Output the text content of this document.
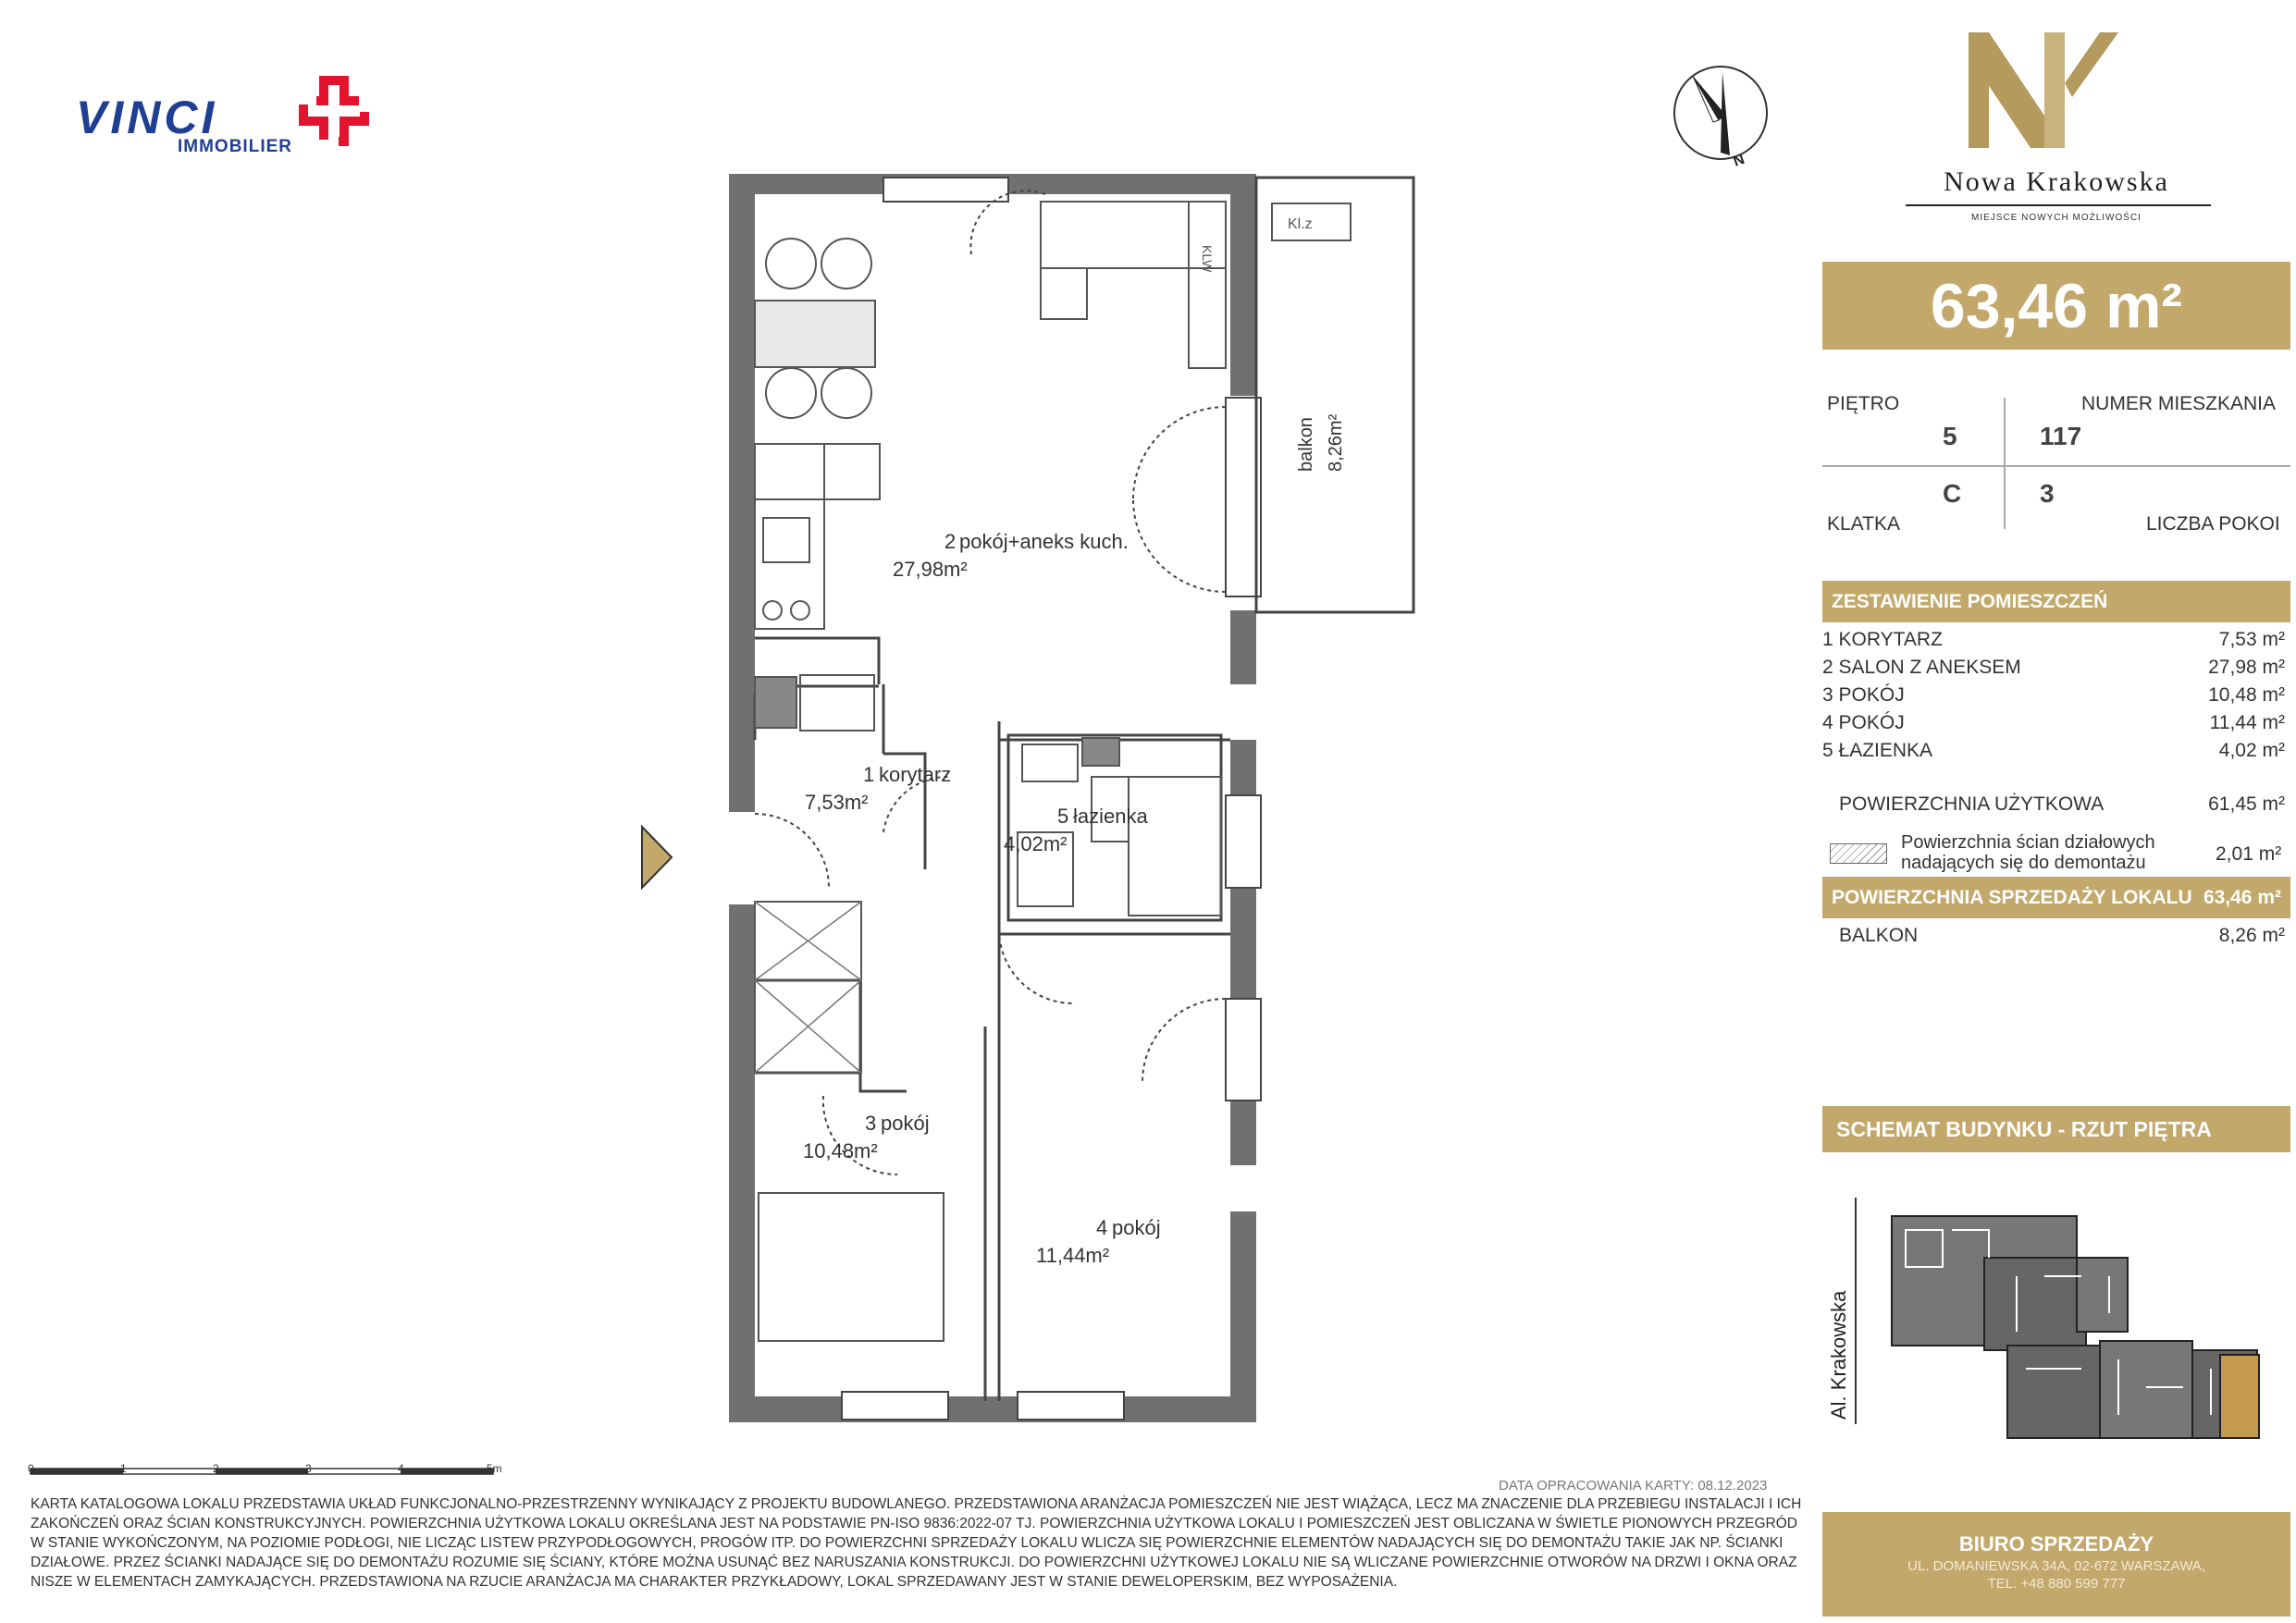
VINCI
IMMOBILIER
N
Nowa Krakowska
MIEJSCE NOWYCH MOŻLIWOŚCI
63,46 m²
PIĘTRO	NUMER MIESZKANIA
5	117
C	3
KLATKA	LICZBA POKOI
ZESTAWIENIE POMIESZCZEŃ
1 KORYTARZ	7,53 m²
2 SALON Z ANEKSEM	27,98 m²
3 POKÓJ	10,48 m²
4 POKÓJ	11,44 m²
5 ŁAZIENKA	4,02 m²
POWIERZCHNIA UŻYTKOWA	61,45 m²
Powierzchnia ścian działowych
nadających się do demontażu	2,01 m²
POWIERZCHNIA SPRZEDAŻY LOKALU 63,46 m²
BALKON	8,26 m²
SCHEMAT BUDYNKU - RZUT PIĘTRA
Al. Krakowska
Kl.z
balkon 8,26m²
KLW
2 pokój+aneks kuch.
27,98m²
1 korytarz
7,53m²
5 łazienka
4,02m²
3 pokój
10,48m²
4 pokój
11,44m²
0	1	2	3	4	5m
DATA OPRACOWANIA KARTY: 08.12.2023
KARTA KATALOGOWA LOKALU PRZEDSTAWIA UKŁAD FUNKCJONALNO-PRZESTRZENNY WYNIKAJĄCY Z PROJEKTU BUDOWLANEGO. PRZEDSTAWIONA ARANŻACJA POMIESZCZEŃ NIE JEST WIĄŻĄCA, LECZ MA ZNACZENIE DLA PRZEBIEGU INSTALACJI I ICH ZAKOŃCZEŃ ORAZ ŚCIAN KONSTRUKCYJNYCH. POWIERZCHNIA UŻYTKOWA LOKALU OKREŚLANA JEST NA PODSTAWIE PN-ISO 9836:2022-07 TJ. POWIERZCHNIA UŻYTKOWA LOKALU I POMIESZCZEŃ JEST OBLICZANA W ŚWIETLE PIONOWYCH PRZEGRÓD W STANIE WYKOŃCZONYM, NA POZIOMIE PODŁOGI, NIE LICZĄC LISTEW PRZYPODŁOGOWYCH, PROGÓW ITP. DO POWIERZCHNI SPRZEDAŻY LOKALU WLICZA SIĘ POWIERZCHNIE ELEMENTÓW NADAJĄCYCH SIĘ DO DEMONTAŻU TAKIE JAK NP. ŚCIANKI DZIAŁOWE. PRZEZ ŚCIANKI NADAJĄCE SIĘ DO DEMONTAŻU ROZUMIE SIĘ ŚCIANY, KTÓRE MOŻNA USUNĄĆ BEZ NARUSZANIA KONSTRUKCJI. DO POWIERZCHNI UŻYTKOWEJ LOKALU NIE SĄ WLICZANE POWIERZCHNIE OTWORÓW NA DRZWI I OKNA ORAZ NISZE W ELEMENTACH ZAMYKAJĄCYCH. PRZEDSTAWIONA NA RZUCIE ARANŻACJA MA CHARAKTER PRZYKŁADOWY, LOKAL SPRZEDAWANY JEST W STANIE DEWELOPERSKIM, BEZ WYPOSAŻENIA.
BIURO SPRZEDAŻY
UL. DOMANIEWSKA 34A, 02-672 WARSZAWA,
TEL. +48 880 599 777
